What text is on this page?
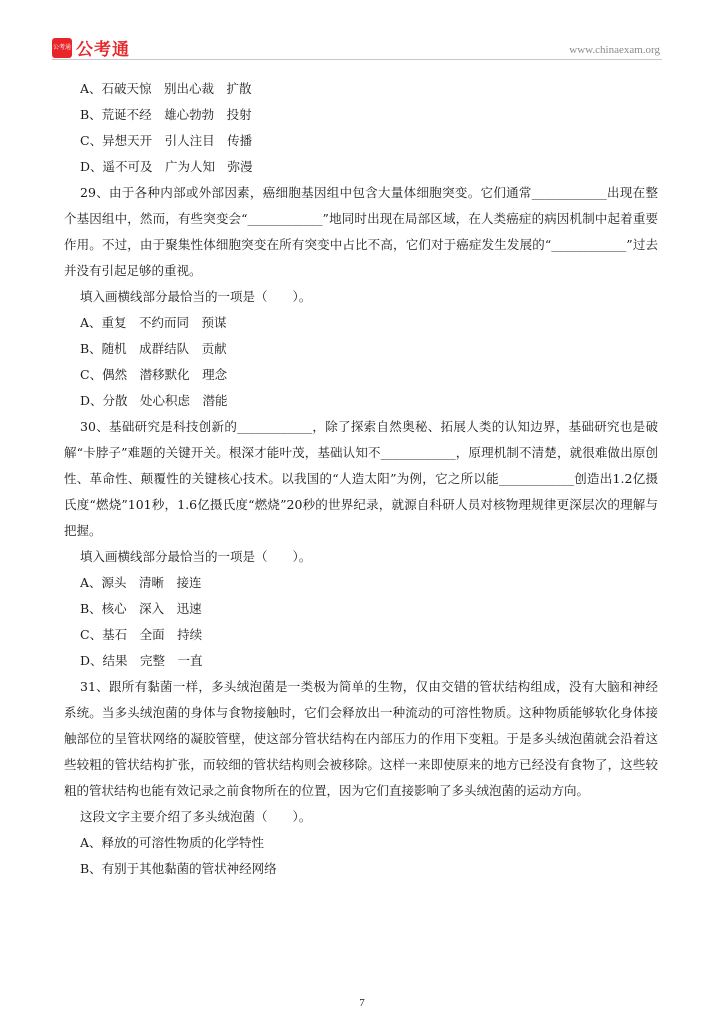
公考通 公考通	www.chinaexam.org
A、石破天惊　别出心裁　扩散
B、荒诞不经　雄心勃勃　投射
C、异想天开　引人注目　传播
D、遥不可及　广为人知　弥漫
29、由于各种内部或外部因素，癌细胞基因组中包含大量体细胞突变。它们通常____________出现在整个基因组中，然而，有些突变会“____________”地同时出现在局部区域，在人类癌症的病因机制中起着重要作用。不过，由于聚集性体细胞突变在所有突变中占比不高，它们对于癌症发生发展的“____________”过去并没有引起足够的重视。
填入画横线部分最恰当的一项是（　　）。
A、重复　不约而同　预谋
B、随机　成群结队　贡献
C、偶然　潜移默化　理念
D、分散　处心积虑　潜能
30、基础研究是科技创新的____________，除了探索自然奥秘、拓展人类的认知边界，基础研究也是破解“卡脖子”难题的关键开关。根深才能叶茂，基础认知不____________，原理机制不清楚，就很难做出原创性、革命性、颠覆性的关键核心技术。以我国的“人造太阳”为例，它之所以能____________创造出1.2亿摄氏度“燃烧”101秒，1.6亿摄氏度“燃烧”20秒的世界纪录，就源自科研人员对核物理规律更深层次的理解与把握。
填入画横线部分最恰当的一项是（　　）。
A、源头　清晰　接连
B、核心　深入　迅速
C、基石　全面　持续
D、结果　完整　一直
31、跟所有黏菌一样，多头绒泡菌是一类极为简单的生物，仅由交错的管状结构组成，没有大脑和神经系统。当多头绒泡菌的身体与食物接触时，它们会释放出一种流动的可溶性物质。这种物质能够软化身体接触部位的呈管状网络的凝胶管壁，使这部分管状结构在内部压力的作用下变粗。于是多头绒泡菌就会沿着这些较粗的管状结构扩张，而较细的管状结构则会被移除。这样一来即使原来的地方已经没有食物了，这些较粗的管状结构也能有效记录之前食物所在的位置，因为它们直接影响了多头绒泡菌的运动方向。
这段文字主要介绍了多头绒泡菌（　　）。
A、释放的可溶性物质的化学特性
B、有别于其他黏菌的管状神经网络
7
